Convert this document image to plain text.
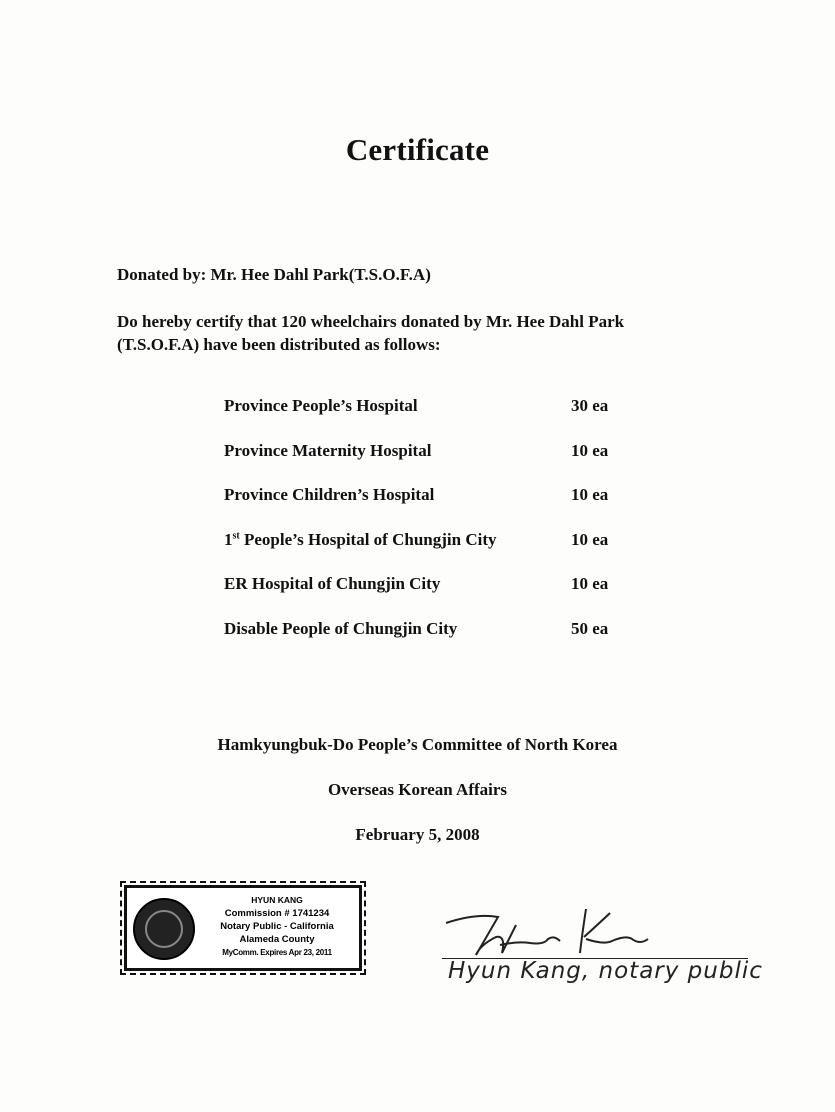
Certificate
Donated by: Mr. Hee Dahl Park(T.S.O.F.A)
Do hereby certify that 120 wheelchairs donated by Mr. Hee Dahl Park
(T.S.O.F.A) have been distributed as follows:
Province People’s Hospital	30 ea
Province Maternity Hospital	10 ea
Province Children’s Hospital	10 ea
1st People’s Hospital of Chungjin City	10 ea
ER Hospital of Chungjin City	10 ea
Disable People of Chungjin City	50 ea
Hamkyungbuk-Do People’s Committee of North Korea
Overseas Korean Affairs
February 5, 2008
HYUN KANG
Commission # 1741234
Notary Public - California
Alameda County
MyComm. Expires Apr 23, 2011
Hyun Kang, notary public
